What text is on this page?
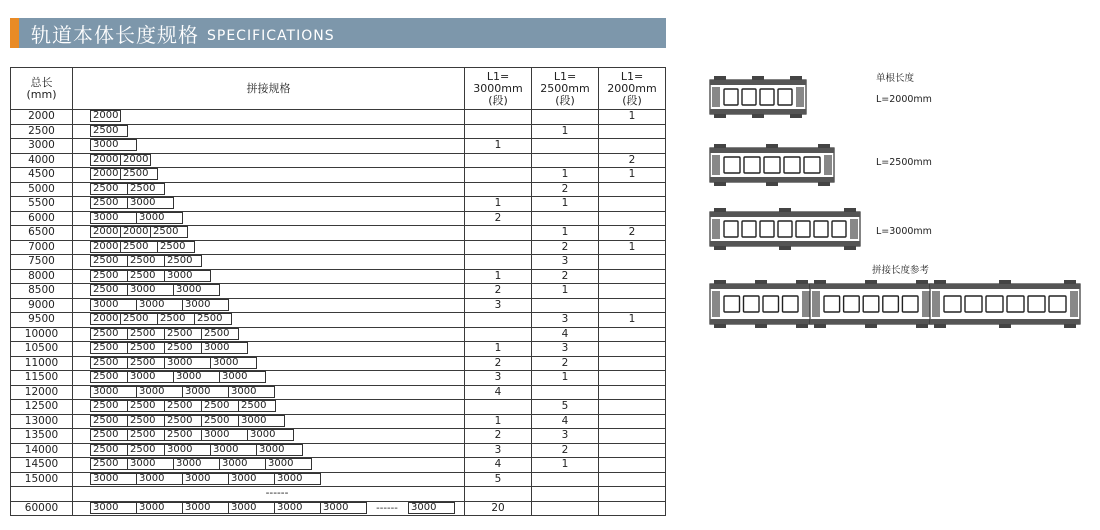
轨道本体长度规格 SPECIFICATIONS
总长
(mm)	拼接规格	L1=
3000mm
(段)	L1=
2500mm
(段)	L1=
2000mm
(段)
2000	2000			1
2500	2500		1	
3000	3000	1		
4000	2000 2000			2
4500	2000 2500		1	1
5000	2500 2500		2	
5500	2500 3000	1	1	
6000	3000 3000	2		
6500	2000 2000 2500		1	2
7000	2000 2500 2500		2	1
7500	2500 2500 2500		3	
8000	2500 2500 3000	1	2	
8500	2500 3000 3000	2	1	
9000	3000 3000 3000	3		
9500	2000 2500 2500 2500		3	1
10000	2500 2500 2500 2500		4	
10500	2500 2500 2500 3000	1	3	
11000	2500 2500 3000 3000	2	2	
11500	2500 3000 3000 3000	3	1	
12000	3000 3000 3000 3000	4		
12500	2500 2500 2500 2500 2500		5	
13000	2500 2500 2500 2500 3000	1	4	
13500	2500 2500 2500 3000 3000	2	3	
14000	2500 2500 3000 3000 3000	3	2	
14500	2500 3000 3000 3000 3000	4	1	
15000	3000 3000 3000 3000 3000	5		
	------			
60000	3000 3000 3000 3000 3000 3000 ------ 3000	20		
单根长度
L=2000mm
L=2500mm
L=3000mm
拼接长度参考
